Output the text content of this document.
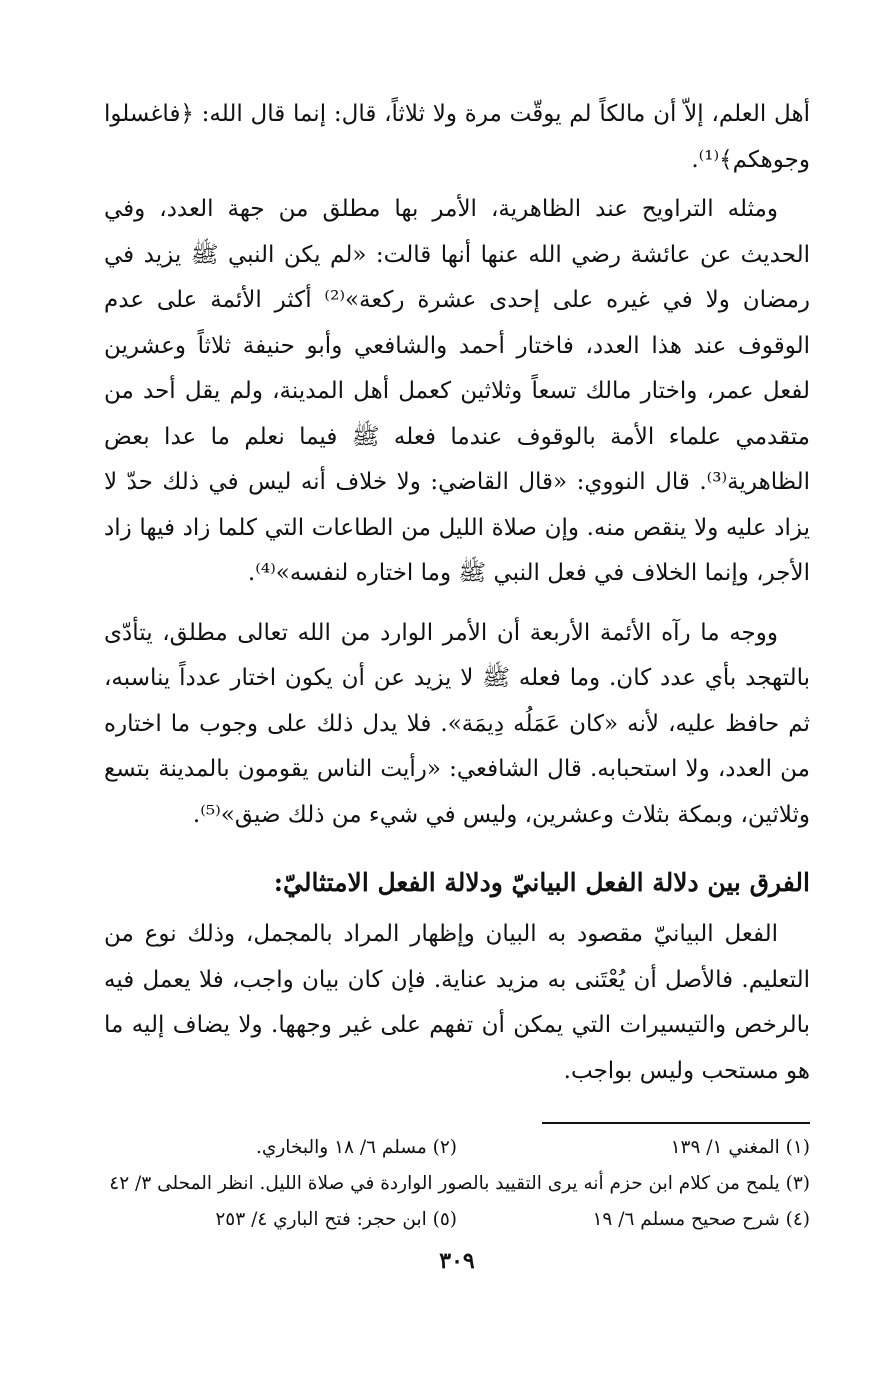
أهل العلم، إلاّ أن مالكاً لم يوقّت مرة ولا ثلاثاً، قال: إنما قال الله: ﴿فاغسلوا وجوهكم﴾⁽¹⁾.

ومثله التراويح عند الظاهرية، الأمر بها مطلق من جهة العدد، وفي الحديث عن عائشة رضي الله عنها أنها قالت: «لم يكن النبي ﷺ يزيد في رمضان ولا في غيره على إحدى عشرة ركعة»⁽²⁾ أكثر الأئمة على عدم الوقوف عند هذا العدد، فاختار أحمد والشافعي وأبو حنيفة ثلاثاً وعشرين لفعل عمر، واختار مالك تسعاً وثلاثين كعمل أهل المدينة، ولم يقل أحد من متقدمي علماء الأمة بالوقوف عندما فعله ﷺ فيما نعلم ما عدا بعض الظاهرية⁽³⁾. قال النووي: «قال القاضي: ولا خلاف أنه ليس في ذلك حدّ لا يزاد عليه ولا ينقص منه. وإن صلاة الليل من الطاعات التي كلما زاد فيها زاد الأجر، وإنما الخلاف في فعل النبي ﷺ وما اختاره لنفسه»⁽⁴⁾.

ووجه ما رآه الأئمة الأربعة أن الأمر الوارد من الله تعالى مطلق، يتأدّى بالتهجد بأي عدد كان. وما فعله ﷺ لا يزيد عن أن يكون اختار عدداً يناسبه، ثم حافظ عليه، لأنه «كان عَمَلُه دِيمَة». فلا يدل ذلك على وجوب ما اختاره من العدد، ولا استحبابه. قال الشافعي: «رأيت الناس يقومون بالمدينة بتسع وثلاثين، وبمكة بثلاث وعشرين، وليس في شيء من ذلك ضيق»⁽⁵⁾.

الفرق بين دلالة الفعل البيانيّ ودلالة الفعل الامتثاليّ:

الفعل البيانيّ مقصود به البيان وإظهار المراد بالمجمل، وذلك نوع من التعليم. فالأصل أن يُعْتَنى به مزيد عناية. فإن كان بيان واجب، فلا يعمل فيه بالرخص والتيسيرات التي يمكن أن تفهم على غير وجهها. ولا يضاف إليه ما هو مستحب وليس بواجب.

(١) المغني ١/ ١٣٩
(٢) مسلم ٦/ ١٨ والبخاري.
(٣) يلمح من كلام ابن حزم أنه يرى التقييد بالصور الواردة في صلاة الليل. انظر المحلى ٣/ ٤٢
(٤) شرح صحيح مسلم ٦/ ١٩
(٥) ابن حجر: فتح الباري ٤/ ٢٥٣
٣٠٩
